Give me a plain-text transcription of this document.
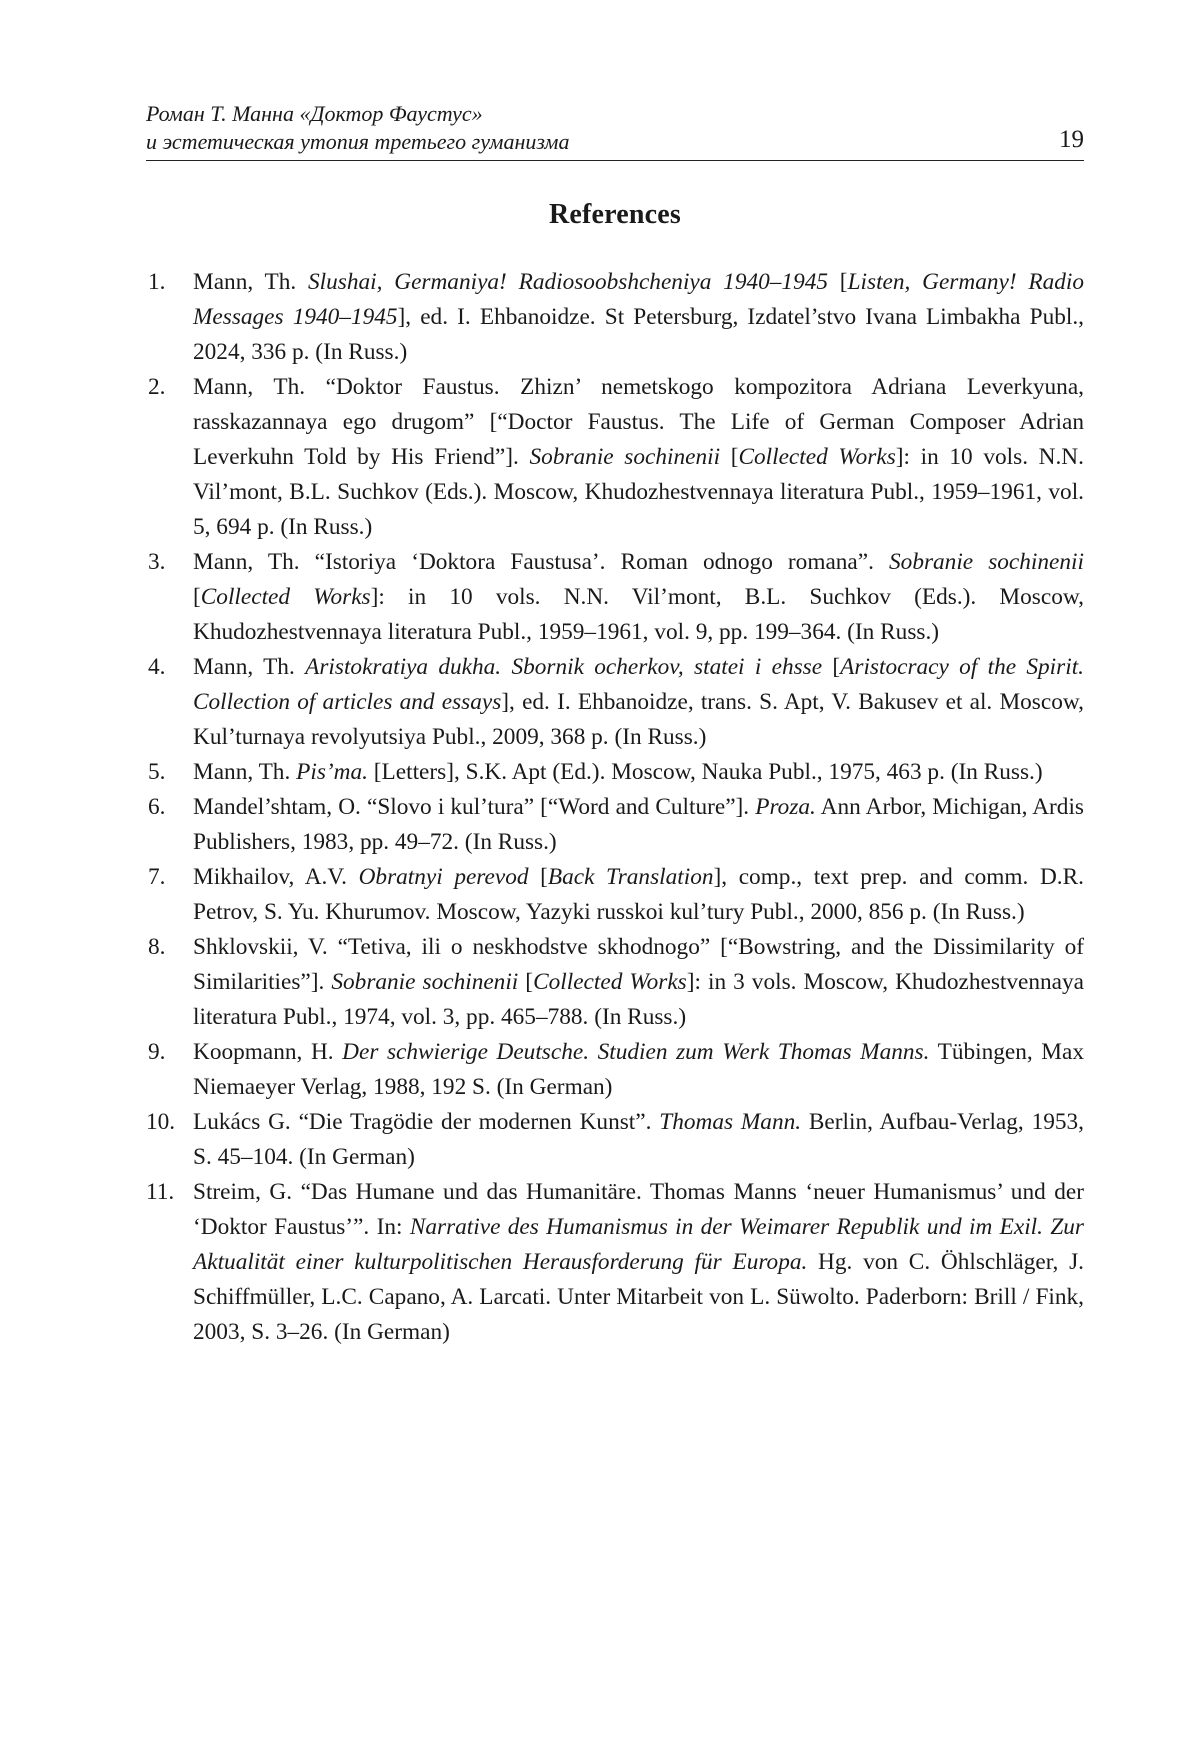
Роман Т. Манна «Доктор Фаустус»
и эстетическая утопия третьего гуманизма	19
References
1.	Mann, Th. Slushai, Germaniya! Radiosoobshcheniya 1940–1945 [Listen, Germany! Radio Messages 1940–1945], ed. I. Ehbanoidze. St Petersburg, Izdatel’stvo Ivana Limbakha Publ., 2024, 336 p. (In Russ.)
2.	Mann, Th. “Doktor Faustus. Zhizn’ nemetskogo kompozitora Adriana Leverkyuna, rasskazannaya ego drugom” [“Doctor Faustus. The Life of German Composer Adrian Leverkuhn Told by His Friend”]. Sobranie sochinenii [Collected Works]: in 10 vols. N.N. Vil’mont, B.L. Suchkov (Eds.). Moscow, Khudozhestvennaya literatura Publ., 1959–1961, vol. 5, 694 p. (In Russ.)
3.	Mann, Th. “Istoriya ‘Doktora Faustusa’. Roman odnogo romana”. Sobranie sochinenii [Collected Works]: in 10 vols. N.N. Vil’mont, B.L. Suchkov (Eds.). Moscow, Khudozhestvennaya literatura Publ., 1959–1961, vol. 9, pp. 199–364. (In Russ.)
4.	Mann, Th. Aristokratiya dukha. Sbornik ocherkov, statei i ehsse [Aristocracy of the Spirit. Collection of articles and essays], ed. I. Ehbanoidze, trans. S. Apt, V. Bakusev et al. Moscow, Kul’turnaya revolyutsiya Publ., 2009, 368 p. (In Russ.)
5.	Mann, Th. Pis’ma. [Letters], S.K. Apt (Ed.). Moscow, Nauka Publ., 1975, 463 p. (In Russ.)
6.	Mandel’shtam, O. “Slovo i kul’tura” [“Word and Culture”]. Proza. Ann Arbor, Michigan, Ardis Publishers, 1983, pp. 49–72. (In Russ.)
7.	Mikhailov, A.V. Obratnyi perevod [Back Translation], comp., text prep. and comm. D.R. Petrov, S. Yu. Khurumov. Moscow, Yazyki russkoi kul’tury Publ., 2000, 856 p. (In Russ.)
8.	Shklovskii, V. “Tetiva, ili o neskhodstve skhodnogo” [“Bowstring, and the Dissimilarity of Similarities”]. Sobranie sochinenii [Collected Works]: in 3 vols. Moscow, Khudozhestvennaya literatura Publ., 1974, vol. 3, pp. 465–788. (In Russ.)
9.	Koopmann, H. Der schwierige Deutsche. Studien zum Werk Thomas Manns. Tübingen, Max Niemaeyer Verlag, 1988, 192 S. (In German)
10. Lukács G. “Die Tragödie der modernen Kunst”. Thomas Mann. Berlin, Aufbau-Verlag, 1953, S. 45–104. (In German)
11. Streim, G. “Das Humane und das Humanitäre. Thomas Manns ‘neuer Humanismus’ und der ‘Doktor Faustus’”. In: Narrative des Humanismus in der Weimarer Republik und im Exil. Zur Aktualität einer kulturpolitischen Herausforderung für Europa. Hg. von C. Öhlschläger, J. Schiffmüller, L.C. Capano, A. Larcati. Unter Mitarbeit von L. Süwolto. Paderborn: Brill / Fink, 2003, S. 3–26. (In German)
